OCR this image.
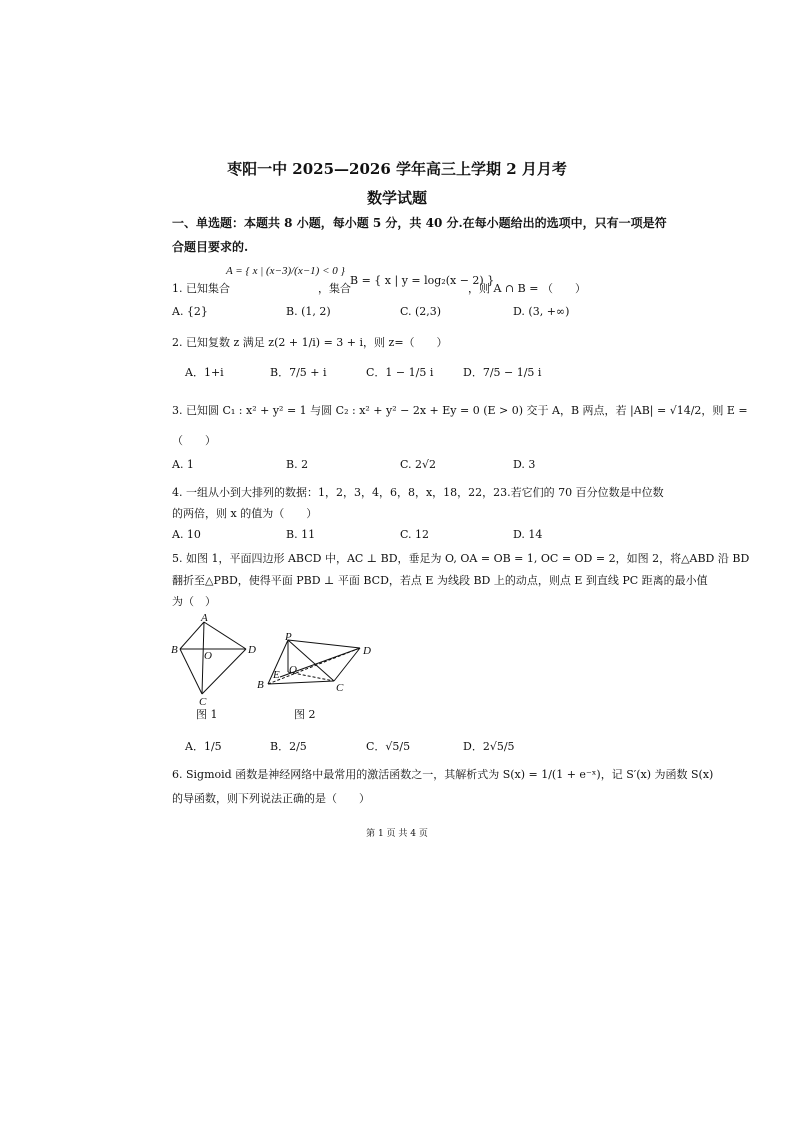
枣阳一中 2025—2026 学年高三上学期 2 月月考
数学试题
一、单选题：本题共 8 小题，每小题 5 分，共 40 分.在每小题给出的选项中，只有一项是符
合题目要求的.
1. 已知集合
A = { x | (x−3)/(x−1) < 0 }
，集合
B = { x | y = log₂(x − 2) }
，则 A ∩ B = （　　）
A. {2}	B. (1, 2)	C. (2,3)	D. (3, +∞)
2. 已知复数 z 满足 z(2 + 1/i) = 3 + i，则 z=（　　）
A．1+i	B．7/5 + i	C．1 − 1/5 i	D．7/5 − 1/5 i
3. 已知圆 C₁ : x² + y² = 1 与圆 C₂ : x² + y² − 2x + Ey = 0 (E > 0) 交于 A，B 两点，若 |AB| = √14/2，则 E =
（　　）
A. 1	B. 2	C. 2√2	D. 3
4. 一组从小到大排列的数据：1，2，3，4，6，8，x，18，22，23.若它们的 70 百分位数是中位数
的两倍，则 x 的值为（　　）
A. 10	B. 11	C. 12	D. 14
5. 如图 1，平面四边形 ABCD 中，AC ⊥ BD，垂足为 O, OA = OB = 1, OC = OD = 2，如图 2，将△ABD 沿 BD
翻折至△PBD，使得平面 PBD ⊥ 平面 BCD，若点 E 为线段 BD 上的动点，则点 E 到直线 PC 距离的最小值
为（　）
A
B O	D
C
图 1
P
D
O
E
B	C
图 2
A．1/5	B．2/5	C．√5/5	D．2√5/5
6. Sigmoid 函数是神经网络中最常用的激活函数之一，其解析式为 S(x) = 1/(1 + e⁻ˣ)，记 S′(x) 为函数 S(x)
的导函数，则下列说法正确的是（　　）
第 1 页 共 4 页
